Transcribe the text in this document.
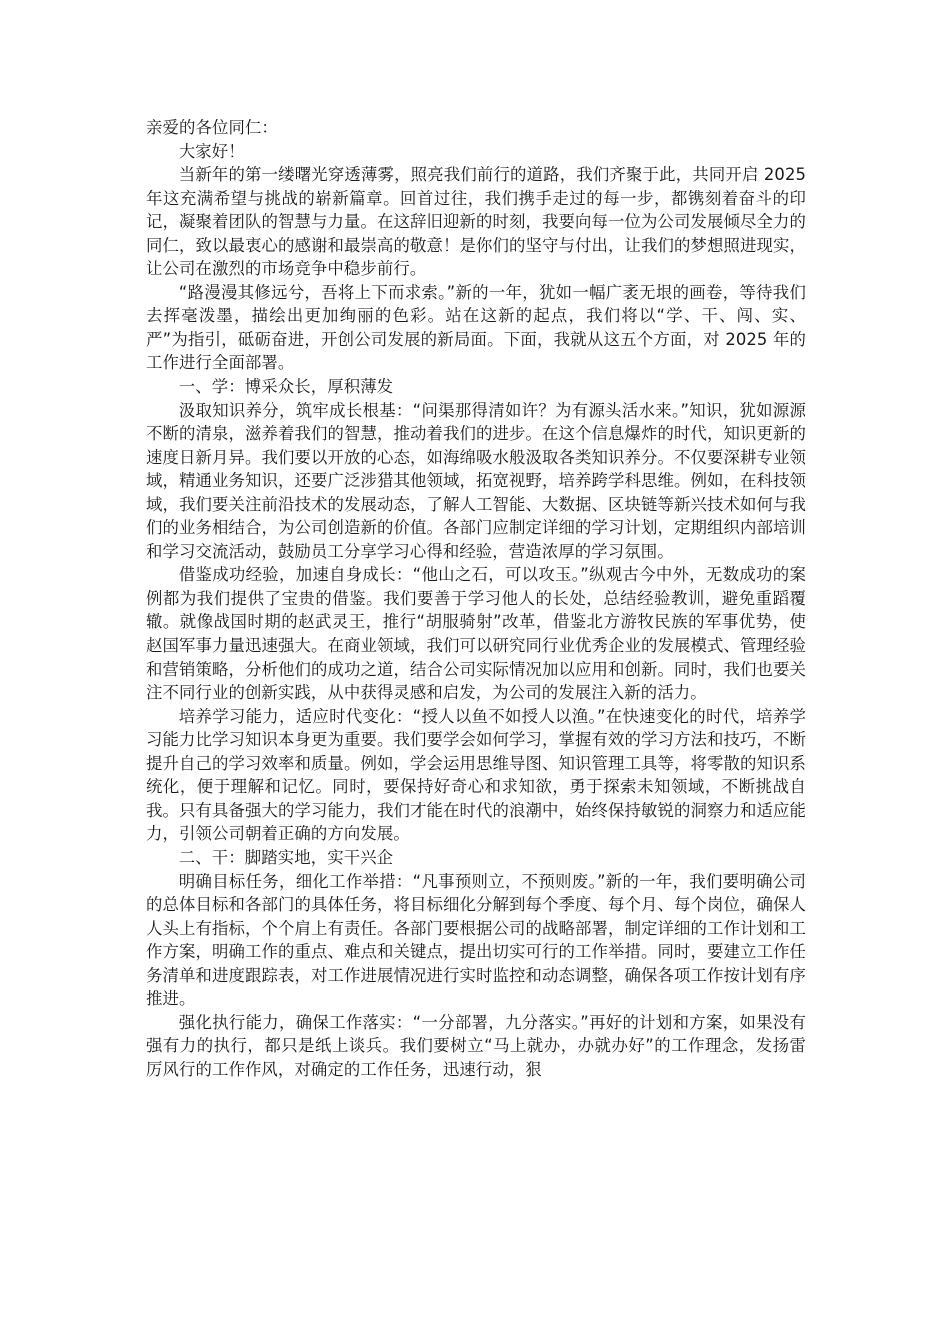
亲爱的各位同仁：

大家好！

当新年的第一缕曙光穿透薄雾，照亮我们前行的道路，我们齐聚于此，共同开启 2025 年这充满希望与挑战的崭新篇章。回首过往，我们携手走过的每一步，都镌刻着奋斗的印记，凝聚着团队的智慧与力量。在这辞旧迎新的时刻，我要向每一位为公司发展倾尽全力的同仁，致以最衷心的感谢和最崇高的敬意！是你们的坚守与付出，让我们的梦想照进现实，让公司在激烈的市场竞争中稳步前行。

“路漫漫其修远兮，吾将上下而求索。”新的一年，犹如一幅广袤无垠的画卷，等待我们去挥毫泼墨，描绘出更加绚丽的色彩。站在这新的起点，我们将以“学、干、闯、实、严”为指引，砥砺奋进，开创公司发展的新局面。下面，我就从这五个方面，对 2025 年的工作进行全面部署。

一、学：博采众长，厚积薄发

汲取知识养分，筑牢成长根基：“问渠那得清如许？为有源头活水来。”知识，犹如源源不断的清泉，滋养着我们的智慧，推动着我们的进步。在这个信息爆炸的时代，知识更新的速度日新月异。我们要以开放的心态，如海绵吸水般汲取各类知识养分。不仅要深耕专业领域，精通业务知识，还要广泛涉猎其他领域，拓宽视野，培养跨学科思维。例如，在科技领域，我们要关注前沿技术的发展动态，了解人工智能、大数据、区块链等新兴技术如何与我们的业务相结合，为公司创造新的价值。各部门应制定详细的学习计划，定期组织内部培训和学习交流活动，鼓励员工分享学习心得和经验，营造浓厚的学习氛围。

借鉴成功经验，加速自身成长：“他山之石，可以攻玉。”纵观古今中外，无数成功的案例都为我们提供了宝贵的借鉴。我们要善于学习他人的长处，总结经验教训，避免重蹈覆辙。就像战国时期的赵武灵王，推行“胡服骑射”改革，借鉴北方游牧民族的军事优势，使赵国军事力量迅速强大。在商业领域，我们可以研究同行业优秀企业的发展模式、管理经验和营销策略，分析他们的成功之道，结合公司实际情况加以应用和创新。同时，我们也要关注不同行业的创新实践，从中获得灵感和启发，为公司的发展注入新的活力。

培养学习能力，适应时代变化：“授人以鱼不如授人以渔。”在快速变化的时代，培养学习能力比学习知识本身更为重要。我们要学会如何学习，掌握有效的学习方法和技巧，不断提升自己的学习效率和质量。例如，学会运用思维导图、知识管理工具等，将零散的知识系统化，便于理解和记忆。同时，要保持好奇心和求知欲，勇于探索未知领域，不断挑战自我。只有具备强大的学习能力，我们才能在时代的浪潮中，始终保持敏锐的洞察力和适应能力，引领公司朝着正确的方向发展。

二、干：脚踏实地，实干兴企

明确目标任务，细化工作举措：“凡事预则立，不预则废。”新的一年，我们要明确公司的总体目标和各部门的具体任务，将目标细化分解到每个季度、每个月、每个岗位，确保人人头上有指标，个个肩上有责任。各部门要根据公司的战略部署，制定详细的工作计划和工作方案，明确工作的重点、难点和关键点，提出切实可行的工作举措。同时，要建立工作任务清单和进度跟踪表，对工作进展情况进行实时监控和动态调整，确保各项工作按计划有序推进。

强化执行能力，确保工作落实：“一分部署，九分落实。”再好的计划和方案，如果没有强有力的执行，都只是纸上谈兵。我们要树立“马上就办，办就办好”的工作理念，发扬雷厉风行的工作作风，对确定的工作任务，迅速行动，狠
